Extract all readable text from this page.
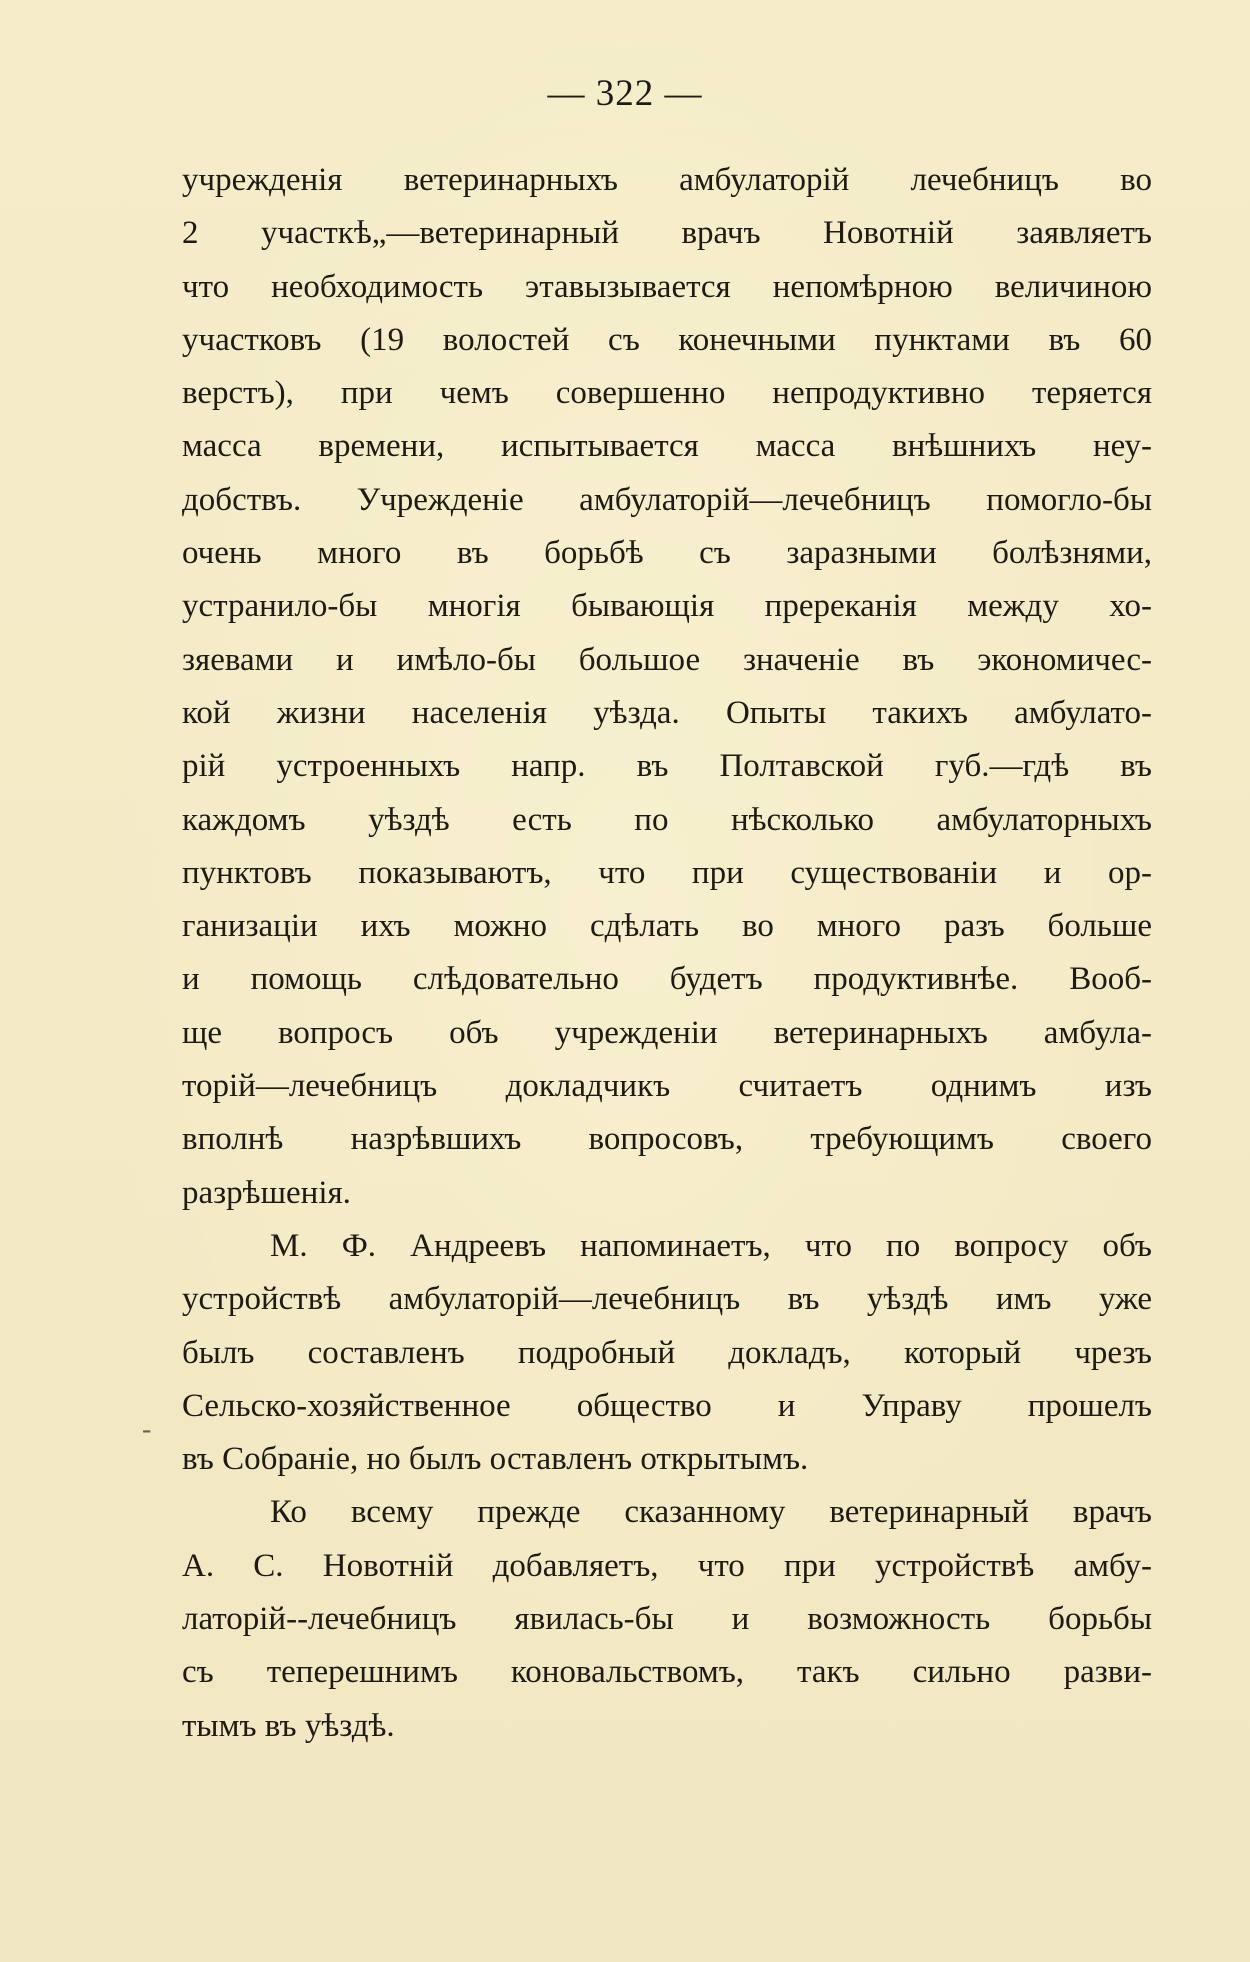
— 322 —
-
учрежденія ветеринарныхъ амбулаторій лечебницъ во
2 участкѣ„—ветеринарный врачъ Новотній заявляетъ
что необходимость этавызывается непомѣрною величиною
участковъ (19 волостей съ конечными пунктами въ 60
верстъ), при чемъ совершенно непродуктивно теряется
масса времени, испытывается масса внѣшнихъ неу-
добствъ. Учрежденіе амбулаторій—лечебницъ помогло-бы
очень много въ борьбѣ съ заразными болѣзнями,
устранило-бы многія бывающія пререканія между хо-
зяевами и имѣло-бы большое значеніе въ экономичес-
кой жизни населенія уѣзда. Опыты такихъ амбулато-
рій устроенныхъ напр. въ Полтавской губ.—гдѣ въ
каждомъ уѣздѣ есть по нѣсколько амбулаторныхъ
пунктовъ показываютъ, что при существованіи и ор-
ганизаціи ихъ можно сдѣлать во много разъ больше
и помощь слѣдовательно будетъ продуктивнѣе. Вооб-
ще вопросъ объ учрежденіи ветеринарныхъ амбула-
торій—лечебницъ докладчикъ считаетъ однимъ изъ
вполнѣ назрѣвшихъ вопросовъ, требующимъ своего
разрѣшенія.
М. Ф. Андреевъ напоминаетъ, что по вопросу объ
устройствѣ амбулаторій—лечебницъ въ уѣздѣ имъ уже
былъ составленъ подробный докладъ, который чрезъ
Сельско-хозяйственное общество и Управу прошелъ
въ Собраніе, но былъ оставленъ открытымъ.
Ко всему прежде сказанному ветеринарный врачъ
А. С. Новотній добавляетъ, что при устройствѣ амбу-
латорій--лечебницъ явилась-бы и возможность борьбы
съ теперешнимъ коновальствомъ, такъ сильно разви-
тымъ въ уѣздѣ.
